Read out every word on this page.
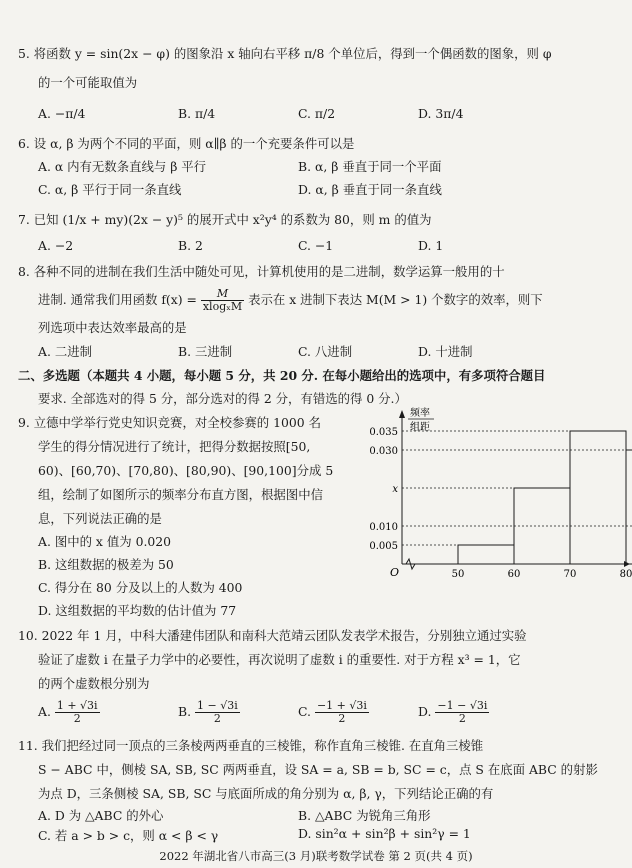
5. 将函数 y = sin(2x − φ) 的图象沿 x 轴向右平移 π/8 个单位后，得到一个偶函数的图象，则 φ
的一个可能取值为
A. −π/4	B. π/4	C. π/2	D. 3π/4
6. 设 α, β 为两个不同的平面，则 α∥β 的一个充要条件可以是
A. α 内有无数条直线与 β 平行	B. α, β 垂直于同一个平面
C. α, β 平行于同一条直线	D. α, β 垂直于同一条直线
7. 已知 (1/x + my)(2x − y)⁵ 的展开式中 x²y⁴ 的系数为 80，则 m 的值为
A. −2	B. 2	C. −1	D. 1
8. 各种不同的进制在我们生活中随处可见，计算机使用的是二进制，数学运算一般用的十
进制. 通常我们用函数 $f(x) = \frac{M}{\text{xlogₓM}}$ 表示在 x 进制下表达 M(M > 1) 个数字的效率，则下
列选项中表达效率最高的是
A. 二进制	B. 三进制	C. 八进制	D. 十进制
二、多选题（本题共 4 小题，每小题 5 分，共 20 分. 在每小题给出的选项中，有多项符合题目
要求. 全部选对的得 5 分，部分选对的得 2 分，有错选的得 0 分.）
9. 立德中学举行党史知识竞赛，对全校参赛的 1000 名
学生的得分情况进行了统计，把得分数据按照[50,
60)、[60,70)、[70,80)、[80,90)、[90,100]分成 5
组，绘制了如图所示的频率分布直方图，根据图中信
息，下列说法正确的是
A. 图中的 x 值为 0.020
B. 这组数据的极差为 50
C. 得分在 80 分及以上的人数为 400
D. 这组数据的平均数的估计值为 77
0.005
0.010
x
0.030
0.035
50	60	70	80
O
频率
组距
10. 2022 年 1 月，中科大潘建伟团队和南科大范靖云团队发表学术报告，分别独立通过实验
验证了虚数 i 在量子力学中的必要性，再次说明了虚数 i 的重要性. 对于方程 x³ = 1，它
的两个虚数根分别为
A. $\frac{1 + √3i}{2}$	B. $\frac{1 - √3i}{2}$	C. $\frac{-1 + √3i}{2}$	D. $\frac{-1 - √3i}{2}$
11. 我们把经过同一顶点的三条棱两两垂直的三棱锥，称作直角三棱锥. 在直角三棱锥
S − ABC 中，侧棱 SA, SB, SC 两两垂直，设 SA = a, SB = b, SC = c，点 S 在底面 ABC 的射影
为点 D，三条侧棱 SA, SB, SC 与底面所成的角分别为 α, β, γ，下列结论正确的有
A. D 为 △ABC 的外心	B. △ABC 为锐角三角形
C. 若 a > b > c，则 α < β < γ	D. sin²α + sin²β + sin²γ = 1
2022 年湖北省八市高三(3 月)联考数学试卷 第 2 页(共 4 页)
